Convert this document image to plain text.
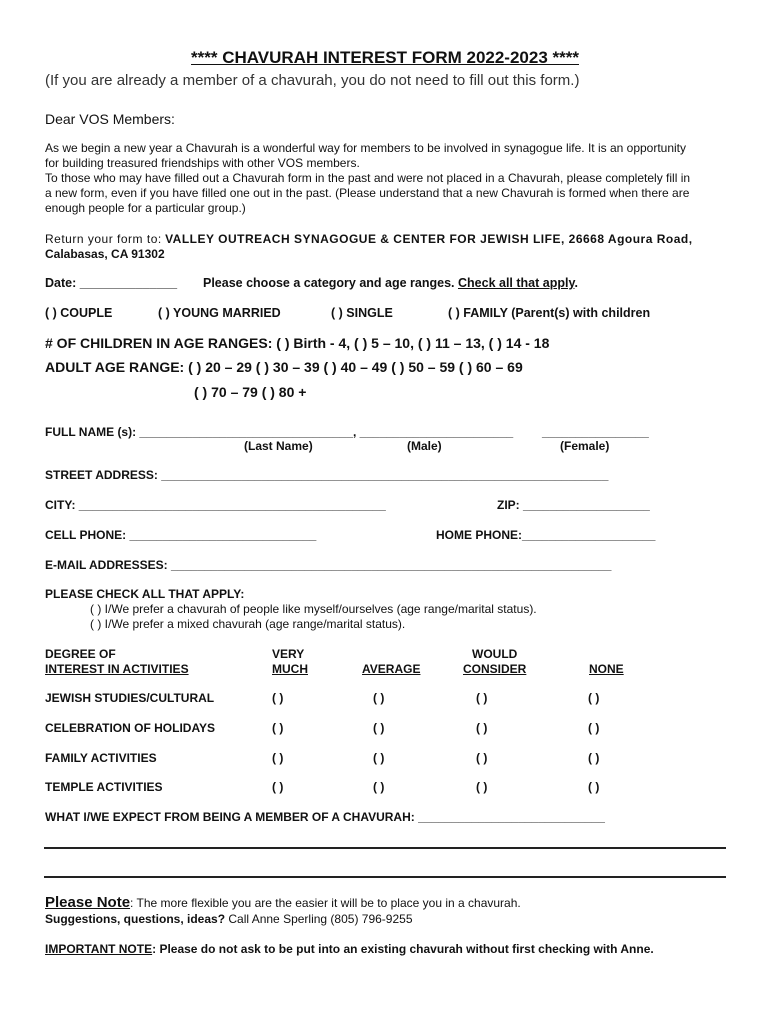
**** CHAVURAH INTEREST FORM 2022-2023 ****
(If you are already a member of a chavurah, you do not need to fill out this form.)
Dear VOS Members:
As we begin a new year a Chavurah is a wonderful way for members to be involved in synagogue life. It is an opportunity
for building treasured friendships with other VOS members.
To those who may have filled out a Chavurah form in the past and were not placed in a Chavurah, please completely fill in
a new form, even if you have filled one out in the past. (Please understand that a new Chavurah is formed when there are
enough people for a particular group.)
Return your form to: VALLEY OUTREACH SYNAGOGUE & CENTER FOR JEWISH LIFE, 26668 Agoura Road,
Calabasas, CA 91302
Date: ______________ Please choose a category and age ranges. Check all that apply.
( ) COUPLE	( ) YOUNG MARRIED	( ) SINGLE	( ) FAMILY (Parent(s) with children
# OF CHILDREN IN AGE RANGES: ( ) Birth - 4, ( ) 5 – 10, ( ) 11 – 13, ( ) 14 - 18
ADULT AGE RANGE: ( ) 20 – 29 ( ) 30 – 39 ( ) 40 – 49 ( ) 50 – 59 ( ) 60 – 69
( ) 70 – 79 ( ) 80 +
FULL NAME (s): ________________________________, _______________________ ________________
(Last Name)	(Male)	(Female)
STREET ADDRESS: ___________________________________________________________________
CITY: ______________________________________________	ZIP: ___________________
CELL PHONE: ____________________________	HOME PHONE:____________________
E-MAIL ADDRESSES: __________________________________________________________________
PLEASE CHECK ALL THAT APPLY:
( ) I/We prefer a chavurah of people like myself/ourselves (age range/marital status).
( ) I/We prefer a mixed chavurah (age range/marital status).
DEGREE OF
INTEREST IN ACTIVITIES
VERY
MUCH	AVERAGE
WOULD
CONSIDER	NONE
JEWISH STUDIES/CULTURAL	( )	( )	( )	( )
CELEBRATION OF HOLIDAYS	( )	( )	( )	( )
FAMILY ACTIVITIES	( )	( )	( )	( )
TEMPLE ACTIVITIES	( )	( )	( )	( )
WHAT I/WE EXPECT FROM BEING A MEMBER OF A CHAVURAH: ____________________________
Please Note: The more flexible you are the easier it will be to place you in a chavurah.
Suggestions, questions, ideas? Call Anne Sperling (805) 796-9255
IMPORTANT NOTE: Please do not ask to be put into an existing chavurah without first checking with Anne.
